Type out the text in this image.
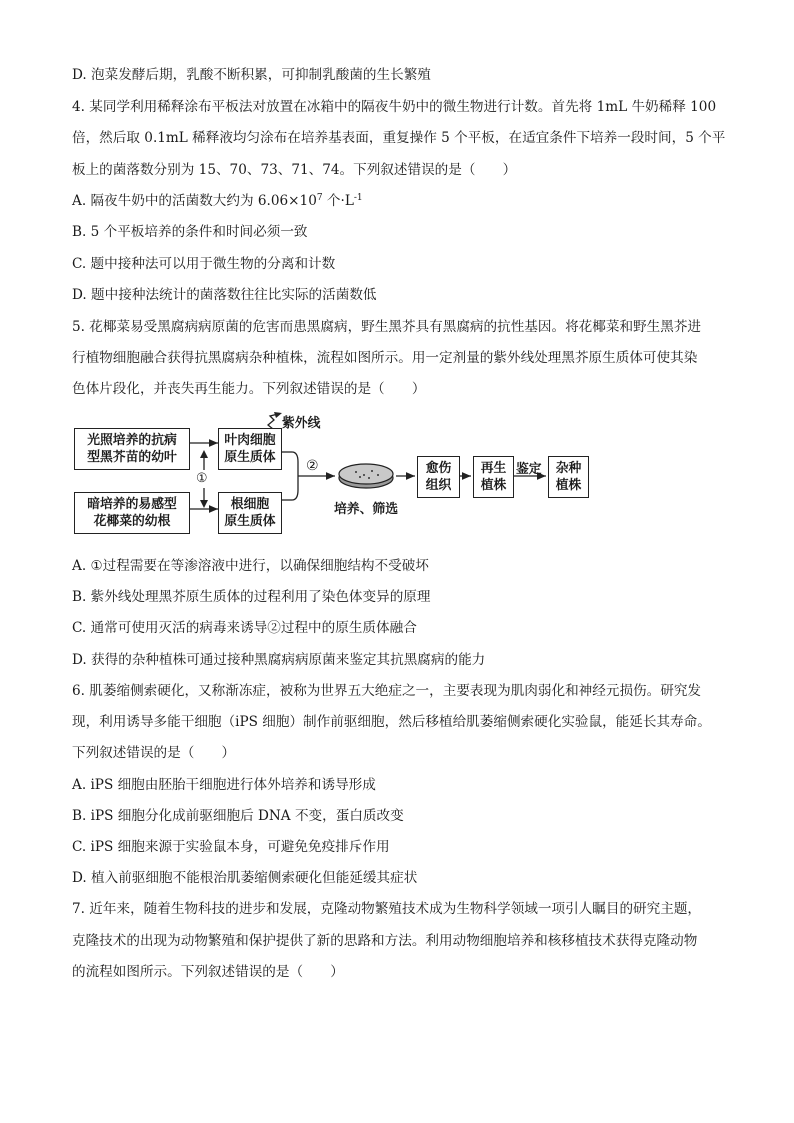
D. 泡菜发酵后期，乳酸不断积累，可抑制乳酸菌的生长繁殖
4. 某同学利用稀释涂布平板法对放置在冰箱中的隔夜牛奶中的微生物进行计数。首先将 1mL 牛奶稀释 100
倍，然后取 0.1mL 稀释液均匀涂布在培养基表面，重复操作 5 个平板，在适宜条件下培养一段时间，5 个平
板上的菌落数分别为 15、70、73、71、74。下列叙述错误的是（　　）
A. 隔夜牛奶中的活菌数大约为 $6.06\times 10^7$ 个$\cdot L^{-1}$
B. 5 个平板培养的条件和时间必须一致
C. 题中接种法可以用于微生物的分离和计数
D. 题中接种法统计的菌落数往往比实际的活菌数低
5. 花椰菜易受黑腐病病原菌的危害而患黑腐病，野生黑芥具有黑腐病的抗性基因。将花椰菜和野生黑芥进
行植物细胞融合获得抗黑腐病杂种植株，流程如图所示。用一定剂量的紫外线处理黑芥原生质体可使其染
色体片段化，并丧失再生能力。下列叙述错误的是（　　）
光照培养的抗病
型黑芥苗的幼叶
暗培养的易感型
花椰菜的幼根
叶肉细胞
原生质体
根细胞
原生质体
紫外线
①
②
培养、筛选
愈伤
组织
再生
植株
鉴定 杂种
植株
A. ①过程需要在等渗溶液中进行，以确保细胞结构不受破坏
B. 紫外线处理黑芥原生质体的过程利用了染色体变异的原理
C. 通常可使用灭活的病毒来诱导②过程中的原生质体融合
D. 获得的杂种植株可通过接种黑腐病病原菌来鉴定其抗黑腐病的能力
6. 肌萎缩侧索硬化，又称渐冻症，被称为世界五大绝症之一，主要表现为肌肉弱化和神经元损伤。研究发
现，利用诱导多能干细胞（iPS 细胞）制作前驱细胞，然后移植给肌萎缩侧索硬化实验鼠，能延长其寿命。
下列叙述错误的是（　　）
A. iPS 细胞由胚胎干细胞进行体外培养和诱导形成
B. iPS 细胞分化成前驱细胞后 DNA 不变，蛋白质改变
C. iPS 细胞来源于实验鼠本身，可避免免疫排斥作用
D. 植入前驱细胞不能根治肌萎缩侧索硬化但能延缓其症状
7. 近年来，随着生物科技的进步和发展，克隆动物繁殖技术成为生物科学领域一项引人瞩目的研究主题，
克隆技术的出现为动物繁殖和保护提供了新的思路和方法。利用动物细胞培养和核移植技术获得克隆动物
的流程如图所示。下列叙述错误的是（　　）
